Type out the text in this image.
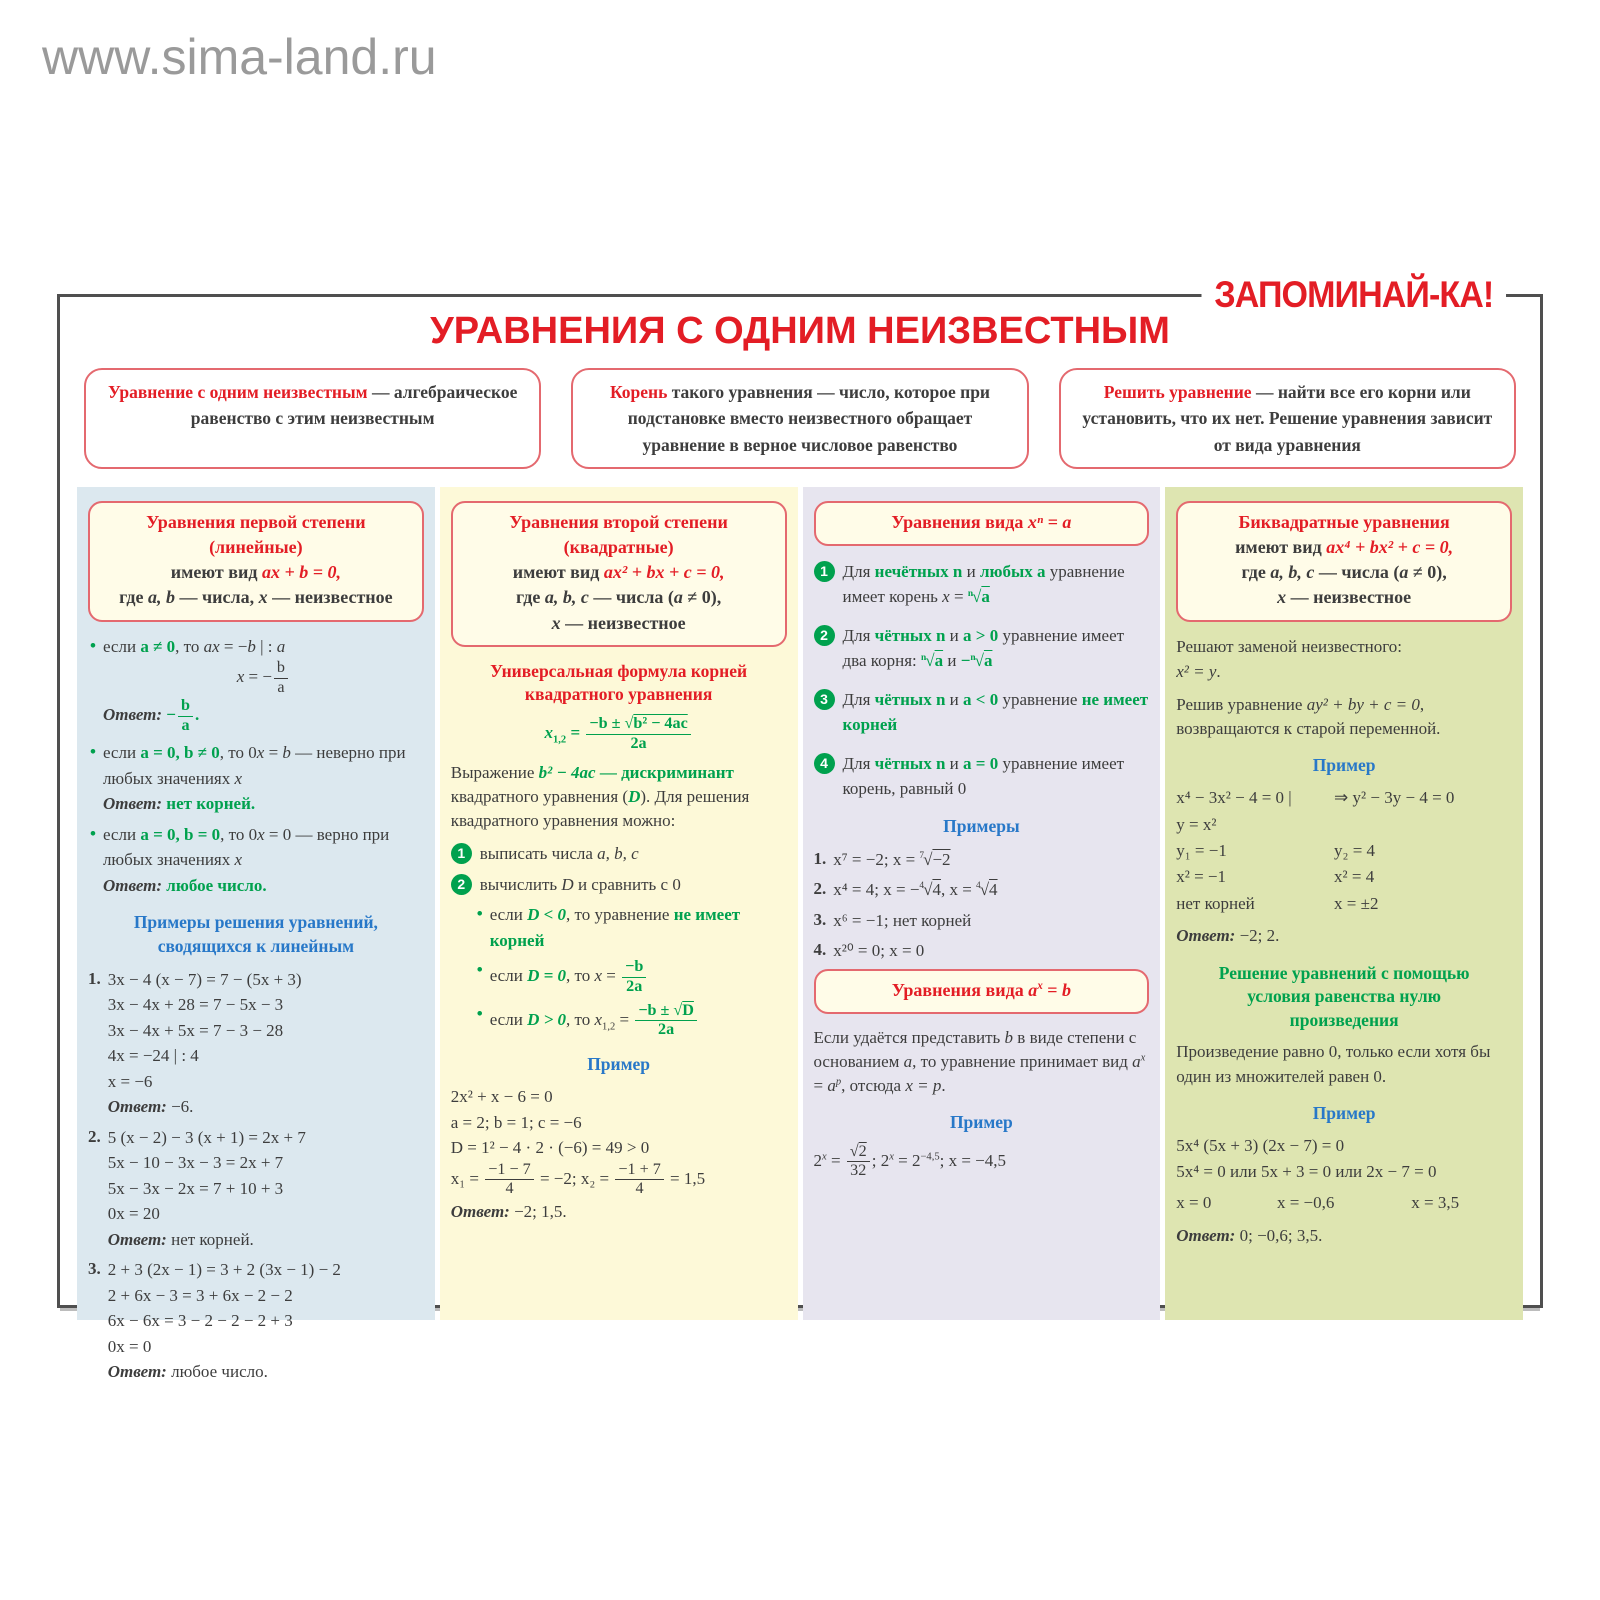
www.sima-land.ru
ЗАПОМИНАЙ-КА!
УРАВНЕНИЯ С ОДНИМ НЕИЗВЕСТНЫМ
Уравнение с одним неизвестным — алгебраическое равенство с этим неизвестным
Корень такого уравнения — число, которое при подстановке вместо неизвестного обращает уравнение в верное числовое равенство
Решить уравнение — найти все его корни или установить, что их нет. Решение уравнения зависит от вида уравнения
Уравнения первой степени
(линейные)
имеют вид ax + b = 0,
где a, b — числа, x — неизвестное
• если a ≠ 0, то ax = −b | : a
x = − $\frac{b}{a}$
Ответ: − $\frac{b}{a}$ .
• если a = 0, b ≠ 0, то 0x = b — неверно при любых значениях x
Ответ: нет корней.
• если a = 0, b = 0, то 0x = 0 — верно при любых значениях x
Ответ: любое число.
Примеры решения уравнений,
сводящихся к линейным
1. 3x − 4 (x − 7) = 7 − (5x + 3)
3x − 4x + 28 = 7 − 5x − 3
3x − 4x + 5x = 7 − 3 − 28
4x = −24 | : 4
x = −6
Ответ: −6.
2. 5 (x − 2) − 3 (x + 1) = 2x + 7
5x − 10 − 3x − 3 = 2x + 7
5x − 3x − 2x = 7 + 10 + 3
0x = 20
Ответ: нет корней.
3. 2 + 3 (2x − 1) = 3 + 2 (3x − 1) − 2
2 + 6x − 3 = 3 + 6x − 2 − 2
6x − 6x = 3 − 2 − 2 − 2 + 3
0x = 0
Ответ: любое число.
Уравнения второй степени
(квадратные)
имеют вид ax² + bx + c = 0,
где a, b, c — числа (a ≠ 0),
x — неизвестное
Универсальная формула корней
квадратного уравнения
$x_{1,2} = \frac{\text{−b ± √b² − 4ac}}{2a}$
Выражение b² − 4ac — дискриминант квадратного уравнения (D). Для решения квадратного уравнения можно:
1 выписать числа a, b, c
2 вычислить D и сравнить с 0
• если D < 0, то уравнение не имеет корней
• если D = 0, то $x = \frac{-b}{2a}$
• если D > 0, то $x_{1,2} = \frac{-b \pm √D}{2a}$
Пример
2x² + x − 6 = 0
a = 2; b = 1; c = −6
D = 1² − 4 · 2 · (−6) = 49 > 0
$x_1 = \frac{-1 - 7}{4} = -2$; $x_2 = \frac{-1 + 7}{4} = 1,5$
Ответ: −2; 1,5.
Уравнения вида xⁿ = a
1 Для нечётных n и любых a уравнение имеет корень x = $^n$√a
2 Для чётных n и a > 0 уравнение имеет два корня: $^n$√a и −$^n$√a
3 Для чётных n и a < 0 уравнение не имеет корней
4 Для чётных n и a = 0 уравнение имеет корень, равный 0
Примеры
1. x⁷ = −2; x = $^7$√−2
2. x⁴ = 4; x = −$^4$√4, x = $^4$√4
3. x⁶ = −1; нет корней
4. x²⁰ = 0; x = 0
Уравнения вида $a^x = b$
Если удаётся представить b в виде степени с основанием a, то уравнение принимает вид $a^x = a^p$, отсюда x = p.
Пример
$2^x = \frac{√2}{32}$ ; $2^x = 2^{-4,5}$; x = −4,5
Биквадратные уравнения
имеют вид ax⁴ + bx² + c = 0,
где a, b, c — числа (a ≠ 0),
x — неизвестное
Решают заменой неизвестного:
x² = y.
Решив уравнение ay² + by + c = 0, возвращаются к старой переменной.
Пример
x⁴ − 3x² − 4 = 0 |	⇒ y² − 3y − 4 = 0
y = x²
y₁ = −1	y₂ = 4
x² = −1	x² = 4
нет корней	x = ±2
Ответ: −2; 2.
Решение уравнений с помощью
условия равенства нулю
произведения
Произведение равно 0, только если хотя бы один из множителей равен 0.
Пример
5x⁴ (5x + 3) (2x − 7) = 0
5x⁴ = 0 или 5x + 3 = 0 или 2x − 7 = 0
x = 0	x = −0,6	x = 3,5
Ответ: 0; −0,6; 3,5.
